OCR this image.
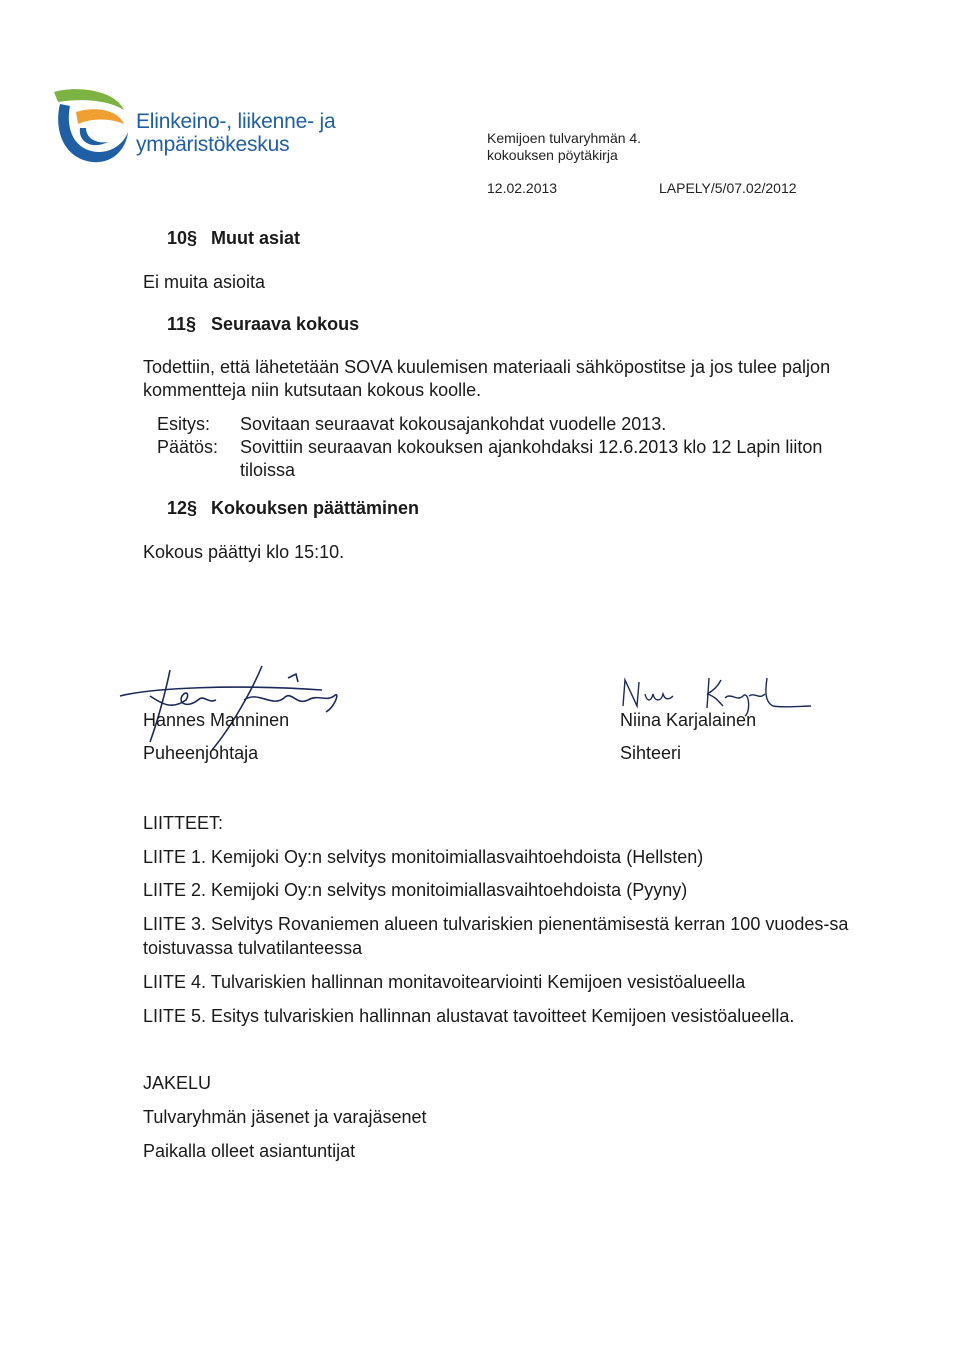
Elinkeino-, liikenne- ja
ympäristökeskus	Kemijoen tulvaryhmän 4.
kokouksen pöytäkirja
12.02.2013	LAPELY/5/07.02/2012
10§ Muut asiat
Ei muita asioita
11§ Seuraava kokous
Todettiin, että lähetetään SOVA kuulemisen materiaali sähköpostitse ja jos tulee paljon kommentteja niin kutsutaan kokous koolle.
Esitys: Sovitaan seuraavat kokousajankohdat vuodelle 2013.
Päätös: Sovittiin seuraavan kokouksen ajankohdaksi 12.6.2013 klo 12 Lapin liiton tiloissa
12§ Kokouksen päättäminen
Kokous päättyi klo 15:10.
Hannes Manninen
Puheenjohtaja
Niina Karjalainen
Sihteeri
LIITTEET:
LIITE 1. Kemijoki Oy:n selvitys monitoimiallasvaihtoehdoista (Hellsten)
LIITE 2. Kemijoki Oy:n selvitys monitoimiallasvaihtoehdoista (Pyyny)
LIITE 3. Selvitys Rovaniemen alueen tulvariskien pienentämisestä kerran 100 vuodes-sa toistuvassa tulvatilanteessa
LIITE 4. Tulvariskien hallinnan monitavoitearviointi Kemijoen vesistöalueella
LIITE 5. Esitys tulvariskien hallinnan alustavat tavoitteet Kemijoen vesistöalueella.
JAKELU
Tulvaryhmän jäsenet ja varajäsenet
Paikalla olleet asiantuntijat
